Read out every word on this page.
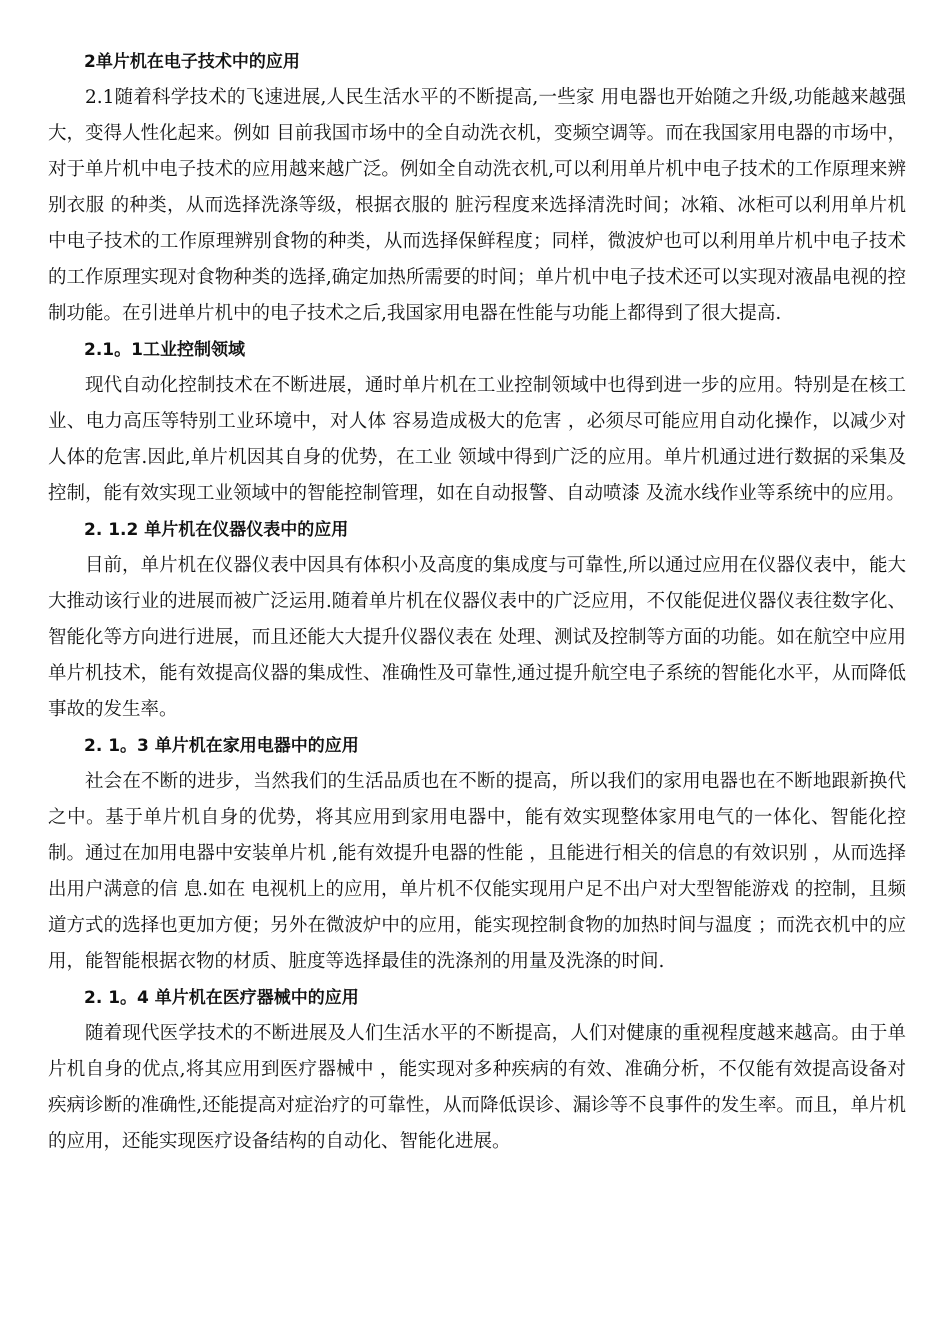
2单片机在电子技术中的应用

2.1随着科学技术的飞速进展,人民生活水平的不断提高,一些家 用电器也开始随之升级,功能越来越强大，变得人性化起来。例如 目前我国市场中的全自动洗衣机，变频空调等。而在我国家用电器的市场中，对于单片机中电子技术的应用越来越广泛。例如全自动洗衣机,可以利用单片机中电子技术的工作原理来辨别衣服 的种类，从而选择洗涤等级，根据衣服的 脏污程度来选择清洗时间；冰箱、冰柜可以利用单片机中电子技术的工作原理辨别食物的种类，从而选择保鲜程度；同样，微波炉也可以利用单片机中电子技术的工作原理实现对食物种类的选择,确定加热所需要的时间；单片机中电子技术还可以实现对液晶电视的控制功能。在引进单片机中的电子技术之后,我国家用电器在性能与功能上都得到了很大提高.

2.1。1工业控制领域

现代自动化控制技术在不断进展，通时单片机在工业控制领域中也得到进一步的应用。特别是在核工业、电力高压等特别工业环境中，对人体 容易造成极大的危害 ，必须尽可能应用自动化操作，以减少对人体的危害.因此,单片机因其自身的优势，在工业 领域中得到广泛的应用。单片机通过进行数据的采集及控制，能有效实现工业领域中的智能控制管理，如在自动报警、自动喷漆 及流水线作业等系统中的应用。

2. 1.2 单片机在仪器仪表中的应用

目前，单片机在仪器仪表中因具有体积小及高度的集成度与可靠性,所以通过应用在仪器仪表中，能大大推动该行业的进展而被广泛运用.随着单片机在仪器仪表中的广泛应用，不仅能促进仪器仪表往数字化、智能化等方向进行进展，而且还能大大提升仪器仪表在 处理、测试及控制等方面的功能。如在航空中应用单片机技术，能有效提高仪器的集成性、准确性及可靠性,通过提升航空电子系统的智能化水平，从而降低事故的发生率。

2. 1。3 单片机在家用电器中的应用

社会在不断的进步，当然我们的生活品质也在不断的提高，所以我们的家用电器也在不断地跟新换代之中。基于单片机自身的优势，将其应用到家用电器中，能有效实现整体家用电气的一体化、智能化控制。通过在加用电器中安装单片机 ,能有效提升电器的性能 ，且能进行相关的信息的有效识别 ，从而选择出用户满意的信 息.如在 电视机上的应用，单片机不仅能实现用户足不出户对大型智能游戏 的控制，且频道方式的选择也更加方便；另外在微波炉中的应用，能实现控制食物的加热时间与温度 ；而洗衣机中的应用，能智能根据衣物的材质、脏度等选择最佳的洗涤剂的用量及洗涤的时间.

2. 1。4 单片机在医疗器械中的应用

随着现代医学技术的不断进展及人们生活水平的不断提高，人们对健康的重视程度越来越高。由于单片机自身的优点,将其应用到医疗器械中 ，能实现对多种疾病的有效、准确分析，不仅能有效提高设备对疾病诊断的准确性,还能提高对症治疗的可靠性，从而降低误诊、漏诊等不良事件的发生率。而且，单片机的应用，还能实现医疗设备结构的自动化、智能化进展。
